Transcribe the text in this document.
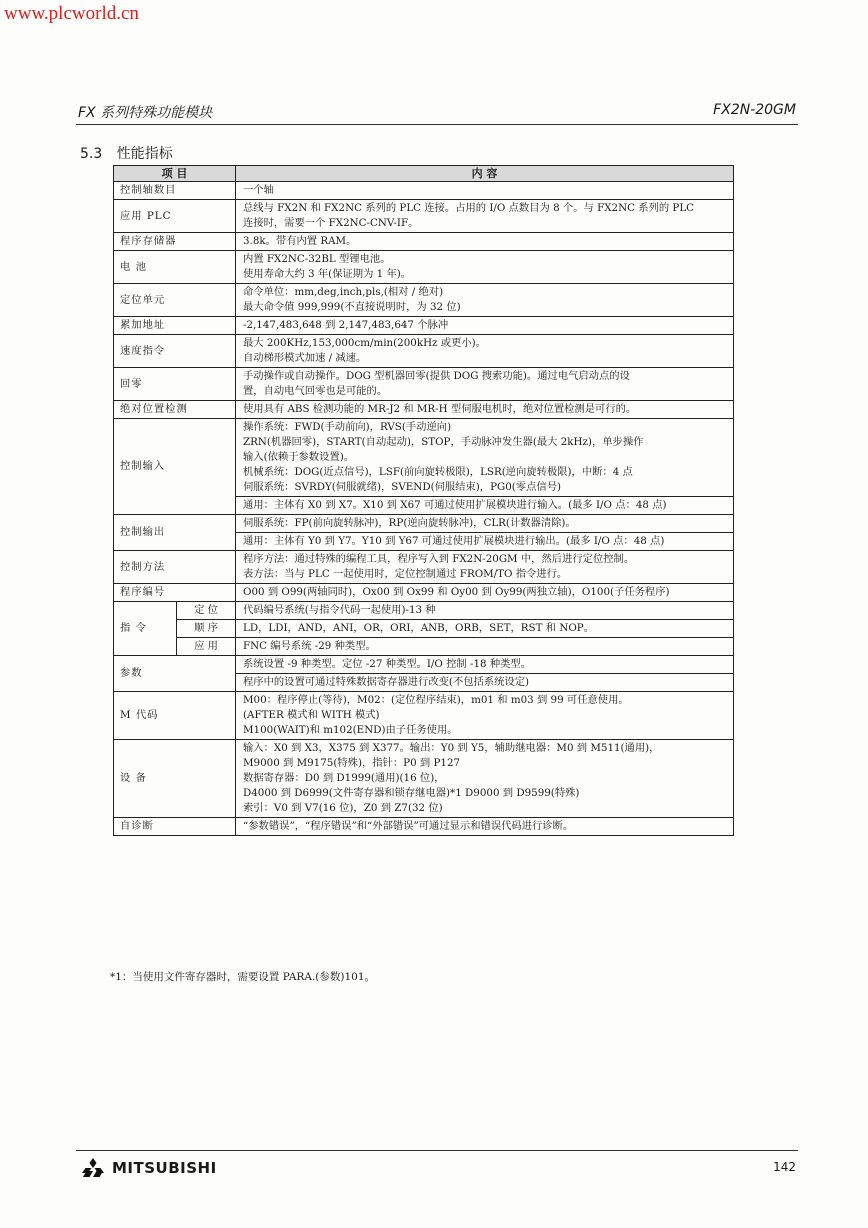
www.plcworld.cn
FX 系列特殊功能模块	FX2N-20GM
5.3 性能指标
项 目		内 容
控制轴数目		一个轴

应用 PLC		总线与 FX2N 和 FX2NC 系列的 PLC 连接。占用的 I/O 点数目为 8 个。与 FX2NC 系列的 PLC
连接时，需要一个 FX2NC-CNV-IF。

程序存储器		3.8k。带有内置 RAM。

电 池		内置 FX2NC-32BL 型锂电池。
使用寿命大约 3 年(保证期为 1 年)。

定位单元		命令单位：mm,deg,inch,pls,(相对 / 绝对)
最大命令值 999,999(不直接说明时，为 32 位)

累加地址		-2,147,483,648 到 2,147,483,647 个脉冲

速度指令		最大 200KHz,153,000cm/min(200kHz 或更小)。
自动梯形模式加速 / 减速。

回零		手动操作或自动操作。DOG 型机器回零(提供 DOG 搜索功能)。通过电气启动点的设
置，自动电气回零也是可能的。

绝对位置检测		使用具有 ABS 检测功能的 MR-J2 和 MR-H 型伺服电机时，绝对位置检测是可行的。

控制输入		操作系统：FWD(手动前向)，RVS(手动逆向)
ZRN(机器回零)，START(自动起动)，STOP，手动脉冲发生器(最大 2kHz)，单步操作
输入(依赖于参数设置)。
机械系统：DOG(近点信号)，LSF(前向旋转极限)，LSR(逆向旋转极限)，中断：4 点
伺服系统：SVRDY(伺服就绪)，SVEND(伺服结束)，PG0(零点信号)

		通用：主体有 X0 到 X7。X10 到 X67 可通过使用扩展模块进行输入。(最多 I/O 点：48 点)

控制输出		伺服系统：FP(前向旋转脉冲)，RP(逆向旋转脉冲)，CLR(计数器清除)。

		通用：主体有 Y0 到 Y7。Y10 到 Y67 可通过使用扩展模块进行输出。(最多 I/O 点：48 点)

控制方法		程序方法：通过特殊的编程工具，程序写入到 FX2N-20GM 中，然后进行定位控制。
表方法：当与 PLC 一起使用时，定位控制通过 FROM/TO 指令进行。

程序编号		O00 到 O99(两轴同时)，Ox00 到 Ox99 和 Oy00 到 Oy99(两独立轴)，O100(子任务程序)

指 令	定 位	代码编号系统(与指令代码一起使用)-13 种

	顺 序	LD，LDI，AND，ANI，OR，ORI，ANB，ORB，SET，RST 和 NOP。

	应 用	FNC 编号系统 -29 种类型。

参数		系统设置 -9 种类型。定位 -27 种类型。I/O 控制 -18 种类型。

		程序中的设置可通过特殊数据寄存器进行改变(不包括系统设定)

M 代码		M00：程序停止(等待)，M02：(定位程序结束)，m01 和 m03 到 99 可任意使用。
(AFTER 模式和 WITH 模式)
M100(WAIT)和 m102(END)由子任务使用。

设 备		输入：X0 到 X3，X375 到 X377。输出：Y0 到 Y5，辅助继电器：M0 到 M511(通用)，
M9000 到 M9175(特殊)，指针：P0 到 P127
数据寄存器：D0 到 D1999(通用)(16 位)，
D4000 到 D6999(文件寄存器和锁存继电器)*1 D9000 到 D9599(特殊)
索引：V0 到 V7(16 位)，Z0 到 Z7(32 位)

自诊断		“参数错误”，“程序错误”和“外部错误”可通过显示和错误代码进行诊断。
*1：当使用文件寄存器时，需要设置 PARA.(参数)101。
MITSUBISHI	142
